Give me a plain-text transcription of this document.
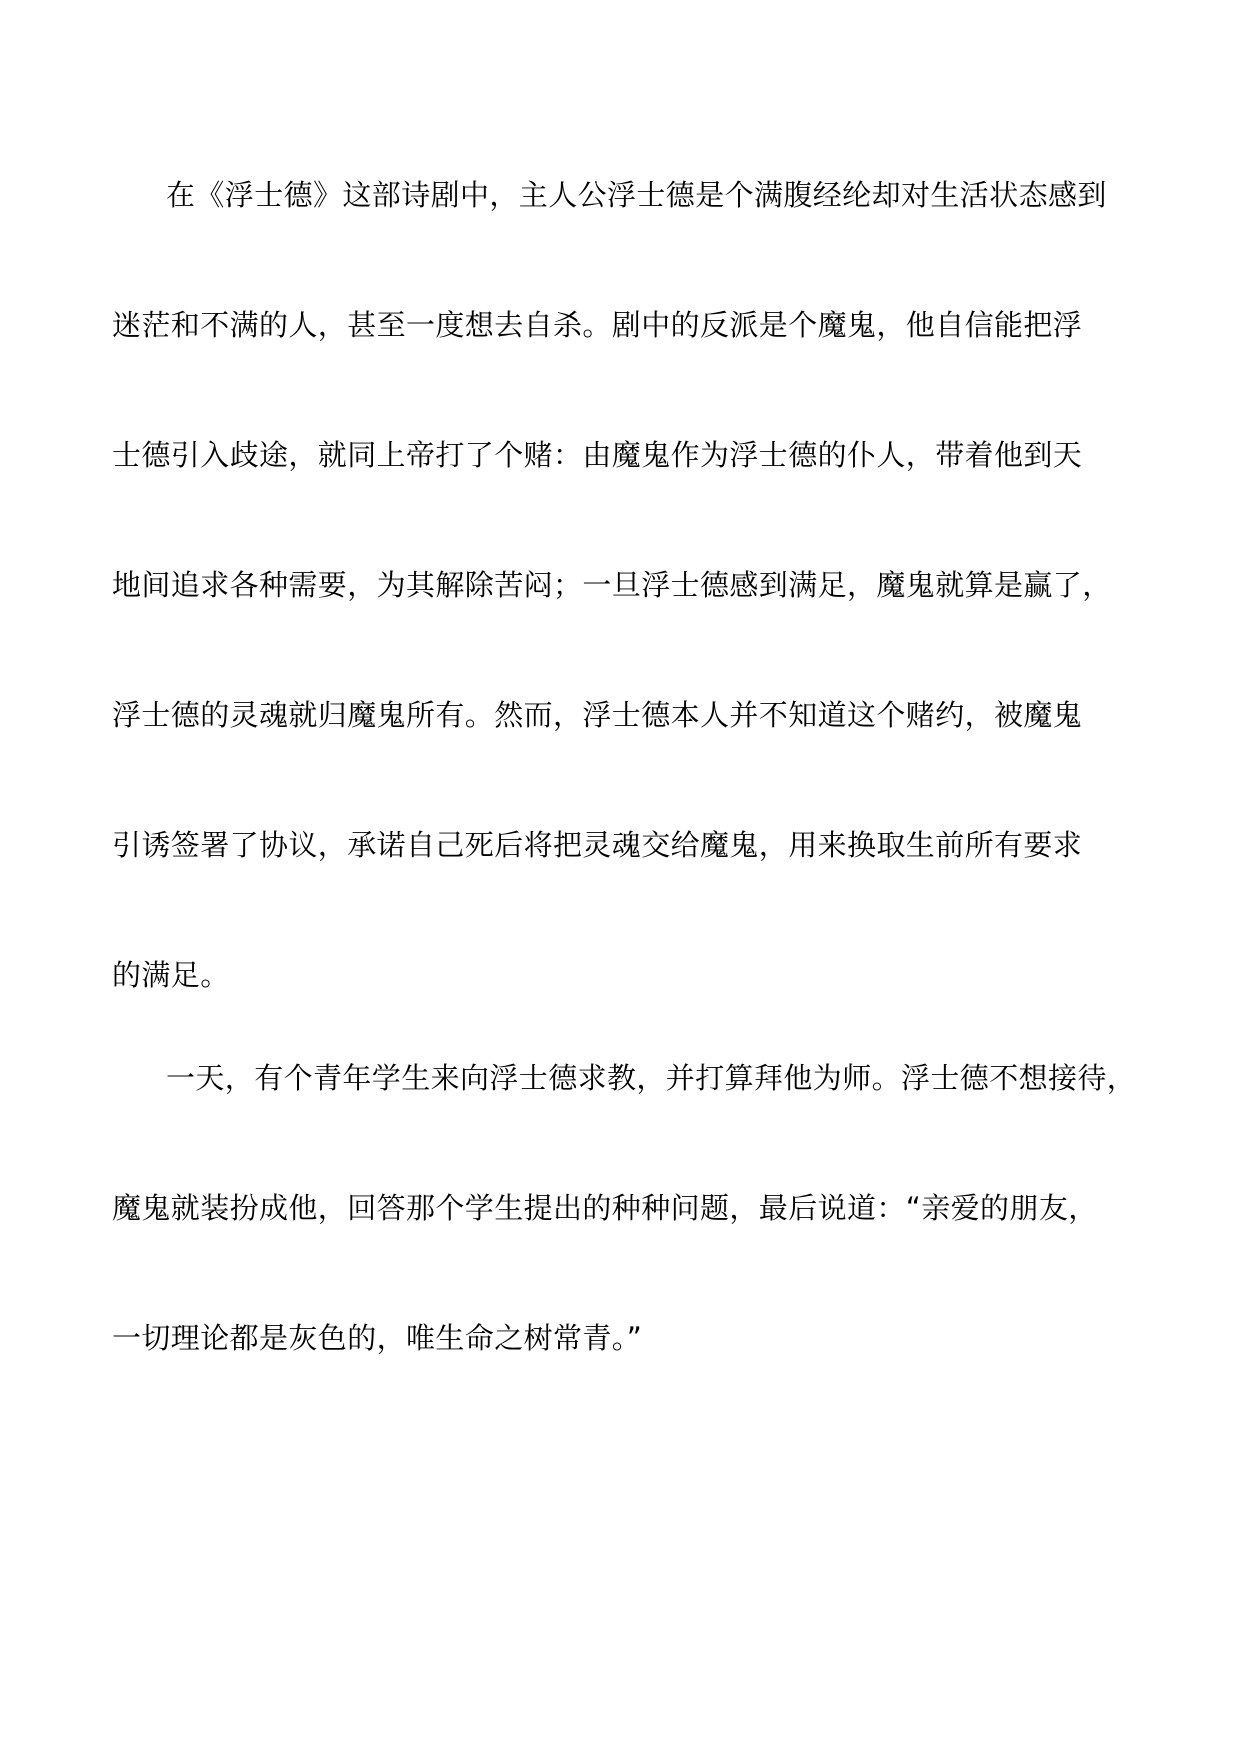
在《浮士德》这部诗剧中，主人公浮士德是个满腹经纶却对生活状态感到
迷茫和不满的人，甚至一度想去自杀。剧中的反派是个魔鬼，他自信能把浮
士德引入歧途，就同上帝打了个赌：由魔鬼作为浮士德的仆人，带着他到天
地间追求各种需要，为其解除苦闷；一旦浮士德感到满足，魔鬼就算是赢了，
浮士德的灵魂就归魔鬼所有。然而，浮士德本人并不知道这个赌约，被魔鬼
引诱签署了协议，承诺自己死后将把灵魂交给魔鬼，用来换取生前所有要求
的满足。
一天，有个青年学生来向浮士德求教，并打算拜他为师。浮士德不想接待，
魔鬼就装扮成他，回答那个学生提出的种种问题，最后说道：“亲爱的朋友，
一切理论都是灰色的，唯生命之树常青。”
